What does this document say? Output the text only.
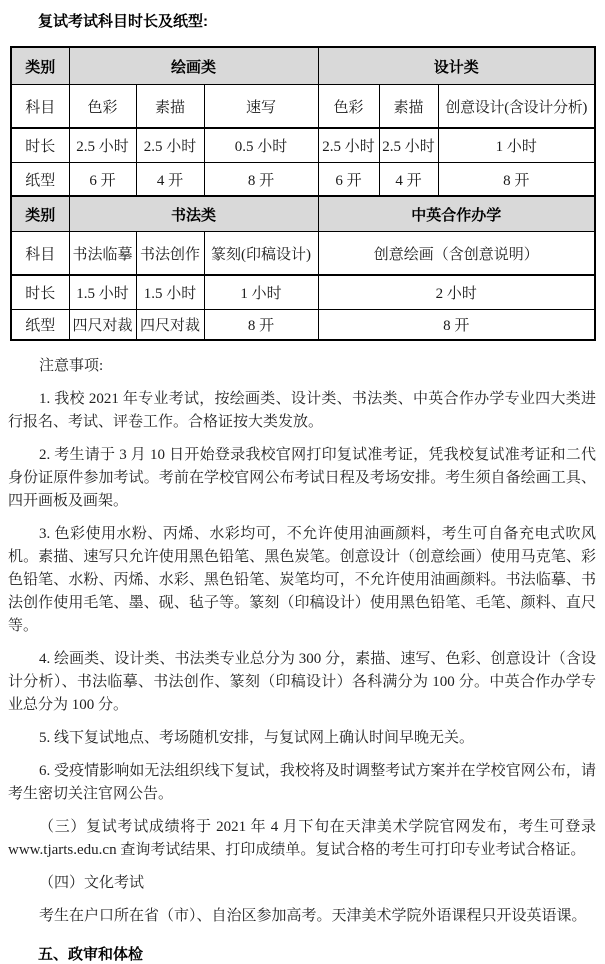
复试考试科目时长及纸型:

类别	绘画类			设计类		
科目	色彩	素描	速写	色彩	素描	创意设计(含设计分析)
时长	2.5 小时	2.5 小时	0.5 小时	2.5 小时	2.5 小时	1 小时
纸型	6 开	4 开	8 开	6 开	4 开	8 开
类别	书法类			中英合作办学		
科目	书法临摹	书法创作	篆刻(印稿设计)	创意绘画（含创意说明）		
时长	1.5 小时	1.5 小时	1 小时	2 小时		
纸型	四尺对裁	四尺对裁	8 开	8 开		

注意事项:

1. 我校 2021 年专业考试，按绘画类、设计类、书法类、中英合作办学专业四大类进行报名、考试、评卷工作。合格证按大类发放。

2. 考生请于 3 月 10 日开始登录我校官网打印复试准考证，凭我校复试准考证和二代身份证原件参加考试。考前在学校官网公布考试日程及考场安排。考生须自备绘画工具、四开画板及画架。

3. 色彩使用水粉、丙烯、水彩均可，不允许使用油画颜料，考生可自备充电式吹风机。素描、速写只允许使用黑色铅笔、黑色炭笔。创意设计（创意绘画）使用马克笔、彩色铅笔、水粉、丙烯、水彩、黑色铅笔、炭笔均可，不允许使用油画颜料。书法临摹、书法创作使用毛笔、墨、砚、毡子等。篆刻（印稿设计）使用黑色铅笔、毛笔、颜料、直尺等。

4. 绘画类、设计类、书法类专业总分为 300 分，素描、速写、色彩、创意设计（含设计分析）、书法临摹、书法创作、篆刻（印稿设计）各科满分为 100 分。中英合作办学专业总分为 100 分。

5. 线下复试地点、考场随机安排，与复试网上确认时间早晚无关。

6. 受疫情影响如无法组织线下复试，我校将及时调整考试方案并在学校官网公布，请考生密切关注官网公告。

（三）复试考试成绩将于 2021 年 4 月下旬在天津美术学院官网发布，考生可登录 www.tjarts.edu.cn 查询考试结果、打印成绩单。复试合格的考生可打印专业考试合格证。

（四）文化考试

考生在户口所在省（市）、自治区参加高考。天津美术学院外语课程只开设英语课。

五、政审和体检
